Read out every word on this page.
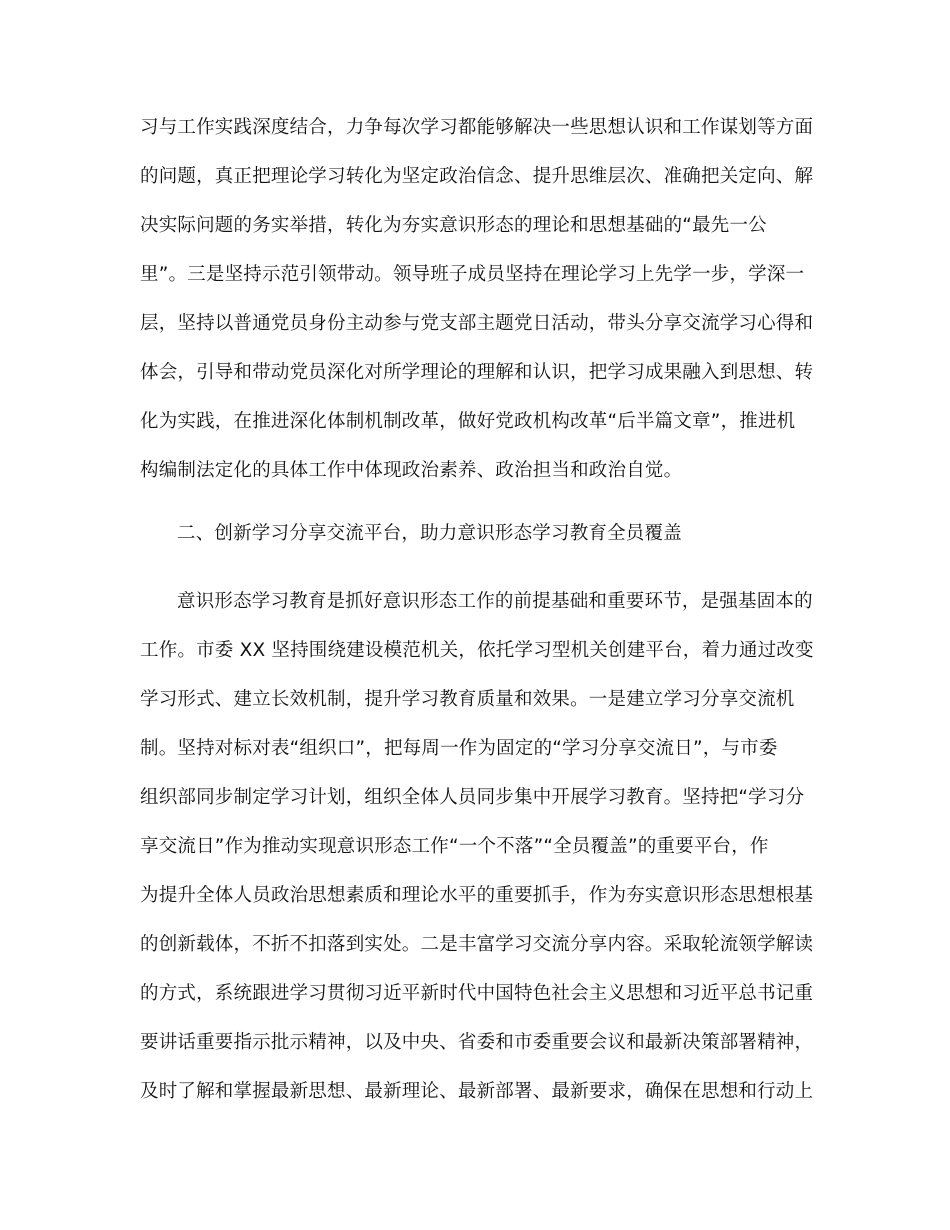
习与工作实践深度结合，力争每次学习都能够解决一些思想认识和工作谋划等方面
的问题，真正把理论学习转化为坚定政治信念、提升思维层次、准确把关定向、解
决实际问题的务实举措，转化为夯实意识形态的理论和思想基础的“最先一公
里”。三是坚持示范引领带动。领导班子成员坚持在理论学习上先学一步，学深一
层，坚持以普通党员身份主动参与党支部主题党日活动，带头分享交流学习心得和
体会，引导和带动党员深化对所学理论的理解和认识，把学习成果融入到思想、转
化为实践，在推进深化体制机制改革，做好党政机构改革“后半篇文章”，推进机
构编制法定化的具体工作中体现政治素养、政治担当和政治自觉。
二、创新学习分享交流平台，助力意识形态学习教育全员覆盖
意识形态学习教育是抓好意识形态工作的前提基础和重要环节，是强基固本的
工作。市委 XX 坚持围绕建设模范机关，依托学习型机关创建平台，着力通过改变
学习形式、建立长效机制，提升学习教育质量和效果。一是建立学习分享交流机
制。坚持对标对表“组织口”，把每周一作为固定的“学习分享交流日”，与市委
组织部同步制定学习计划，组织全体人员同步集中开展学习教育。坚持把“学习分
享交流日”作为推动实现意识形态工作“一个不落”“全员覆盖”的重要平台，作
为提升全体人员政治思想素质和理论水平的重要抓手，作为夯实意识形态思想根基
的创新载体，不折不扣落到实处。二是丰富学习交流分享内容。采取轮流领学解读
的方式，系统跟进学习贯彻习近平新时代中国特色社会主义思想和习近平总书记重
要讲话重要指示批示精神，以及中央、省委和市委重要会议和最新决策部署精神，
及时了解和掌握最新思想、最新理论、最新部署、最新要求，确保在思想和行动上
